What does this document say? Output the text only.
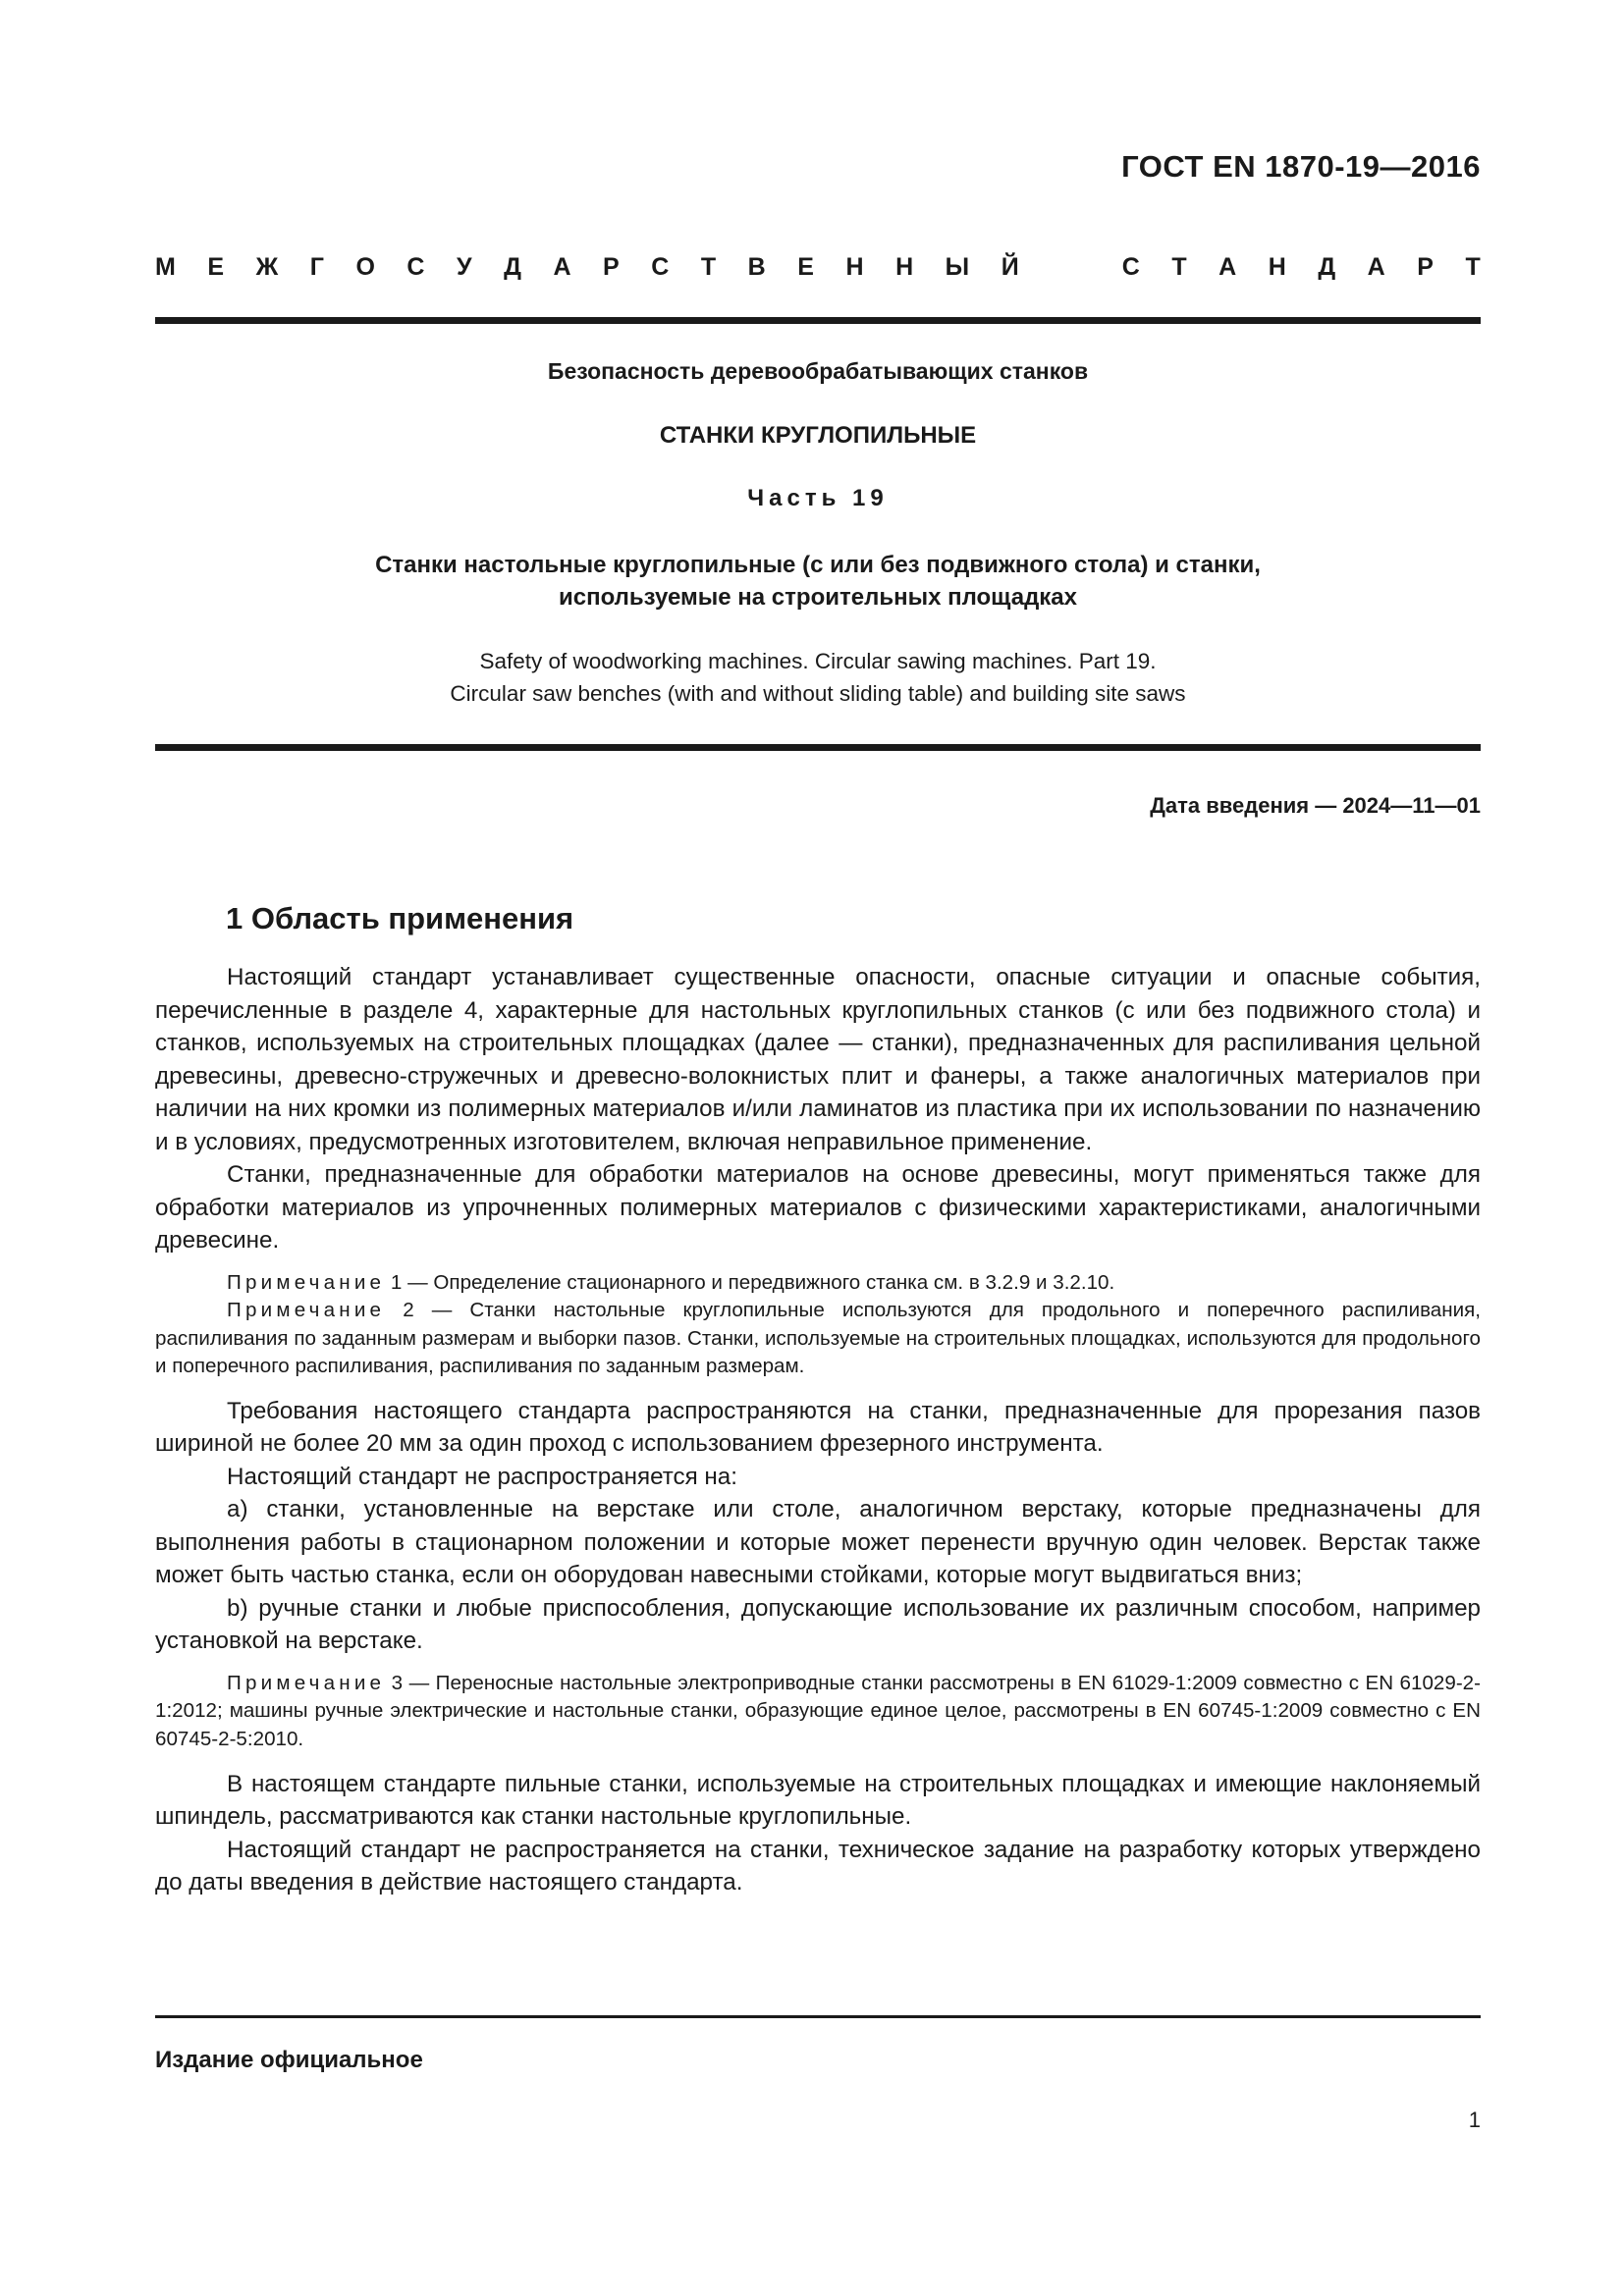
ГОСТ EN 1870-19—2016
М Е Ж Г О С У Д А Р С Т В Е Н Н Ы Й
	С Т А Н Д А Р Т
Безопасность деревообрабатывающих станков
СТАНКИ КРУГЛОПИЛЬНЫЕ
Часть 19
Станки настольные круглопильные (с или без подвижного стола) и станки,
используемые на строительных площадках
Safety of woodworking machines. Circular sawing machines. Part 19.
Circular saw benches (with and without sliding table) and building site saws
Дата введения — 2024—11—01
1 Область применения

Настоящий стандарт устанавливает существенные опасности, опасные ситуации и опасные события, перечисленные в разделе 4, характерные для настольных круглопильных станков (с или без подвижного стола) и станков, используемых на строительных площадках (далее — станки), предназначенных для распиливания цельной древесины, древесно-стружечных и древесно-волокнистых плит и фанеры, а также аналогичных материалов при наличии на них кромки из полимерных материалов и/или ламинатов из пластика при их использовании по назначению и в условиях, предусмотренных изготовителем, включая неправильное применение.

Станки, предназначенные для обработки материалов на основе древесины, могут применяться также для обработки материалов из упрочненных полимерных материалов с физическими характеристиками, аналогичными древесине.

Примечание 1 — Определение стационарного и передвижного станка см. в 3.2.9 и 3.2.10.

Примечание 2 — Станки настольные круглопильные используются для продольного и поперечного распиливания, распиливания по заданным размерам и выборки пазов. Станки, используемые на строительных площадках, используются для продольного и поперечного распиливания, распиливания по заданным размерам.

Требования настоящего стандарта распространяются на станки, предназначенные для прорезания пазов шириной не более 20 мм за один проход с использованием фрезерного инструмента.

Настоящий стандарт не распространяется на:

a) станки, установленные на верстаке или столе, аналогичном верстаку, которые предназначены для выполнения работы в стационарном положении и которые может перенести вручную один человек. Верстак также может быть частью станка, если он оборудован навесными стойками, которые могут выдвигаться вниз;

b) ручные станки и любые приспособления, допускающие использование их различным способом, например установкой на верстаке.

Примечание 3 — Переносные настольные электроприводные станки рассмотрены в EN 61029-1:2009 совместно с EN 61029-2-1:2012; машины ручные электрические и настольные станки, образующие единое целое, рассмотрены в EN 60745-1:2009 совместно с EN 60745-2-5:2010.

В настоящем стандарте пильные станки, используемые на строительных площадках и имеющие наклоняемый шпиндель, рассматриваются как станки настольные круглопильные.

Настоящий стандарт не распространяется на станки, техническое задание на разработку которых утверждено до даты введения в действие настоящего стандарта.

Издание официальное
1
